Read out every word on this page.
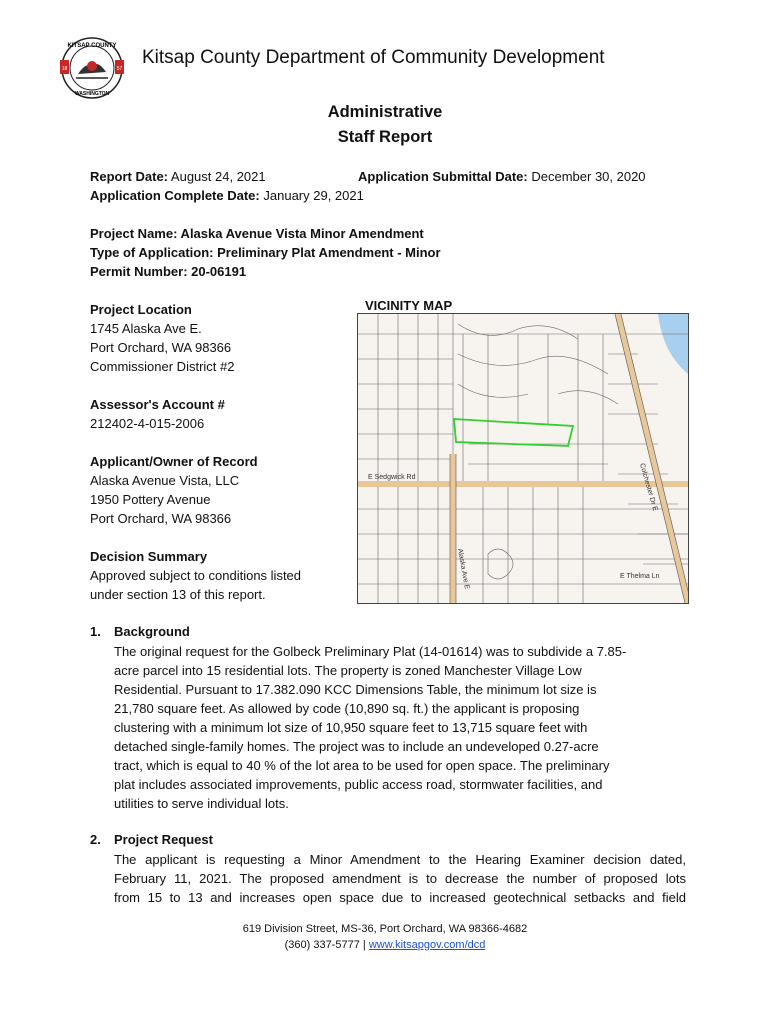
KITSAP COUNTY
WASHINGTON
18	57
Kitsap County Department of Community Development
Administrative
Staff Report
Report Date: August 24, 2021	Application Submittal Date: December 30, 2020
Application Complete Date: January 29, 2021
Project Name: Alaska Avenue Vista Minor Amendment
Type of Application: Preliminary Plat Amendment - Minor
Permit Number: 20-06191
Project Location
1745 Alaska Ave E.
Port Orchard, WA 98366
Commissioner District #2
Assessor's Account #
212402-4-015-2006
Applicant/Owner of Record
Alaska Avenue Vista, LLC
1950 Pottery Avenue
Port Orchard, WA 98366
Decision Summary
Approved subject to conditions listed
under section 13 of this report.
VICINITY MAP
Alaska Ave E
Colchester Dr E
E Sedgwick Rd
E Thelma Ln
1. Background
The original request for the Golbeck Preliminary Plat (14-01614) was to subdivide a 7.85-
acre parcel into 15 residential lots. The property is zoned Manchester Village Low
Residential. Pursuant to 17.382.090 KCC Dimensions Table, the minimum lot size is
21,780 square feet. As allowed by code (10,890 sq. ft.) the applicant is proposing
clustering with a minimum lot size of 10,950 square feet to 13,715 square feet with
detached single-family homes. The project was to include an undeveloped 0.27-acre
tract, which is equal to 40 % of the lot area to be used for open space. The preliminary
plat includes associated improvements, public access road, stormwater facilities, and
utilities to serve individual lots.
2. Project Request
The applicant is requesting a Minor Amendment to the Hearing Examiner decision dated,
February 11, 2021. The proposed amendment is to decrease the number of proposed lots
from 15 to 13 and increases open space due to increased geotechnical setbacks and field
619 Division Street, MS-36, Port Orchard, WA 98366-4682
(360) 337-5777 | www.kitsapgov.com/dcd
